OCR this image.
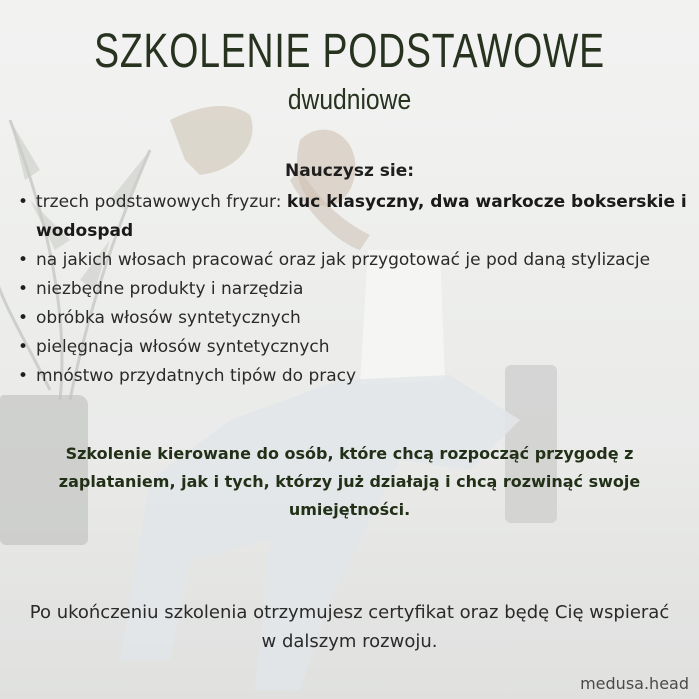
SZKOLENIE PODSTAWOWE
dwudniowe
Nauczysz sie:
• trzech podstawowych fryzur: kuc klasyczny, dwa warkocze bokserskie i wodospad
• na jakich włosach pracować oraz jak przygotować je pod daną stylizacje
• niezbędne produkty i narzędzia
• obróbka włosów syntetycznych
• pielęgnacja włosów syntetycznych
• mnóstwo przydatnych tipów do pracy
Szkolenie kierowane do osób, które chcą rozpocząć przygodę z zaplataniem, jak i tych, którzy już działają i chcą rozwinąć swoje umiejętności.
Po ukończeniu szkolenia otrzymujesz certyfikat oraz będę Cię wspierać w dalszym rozwoju.
medusa.head
